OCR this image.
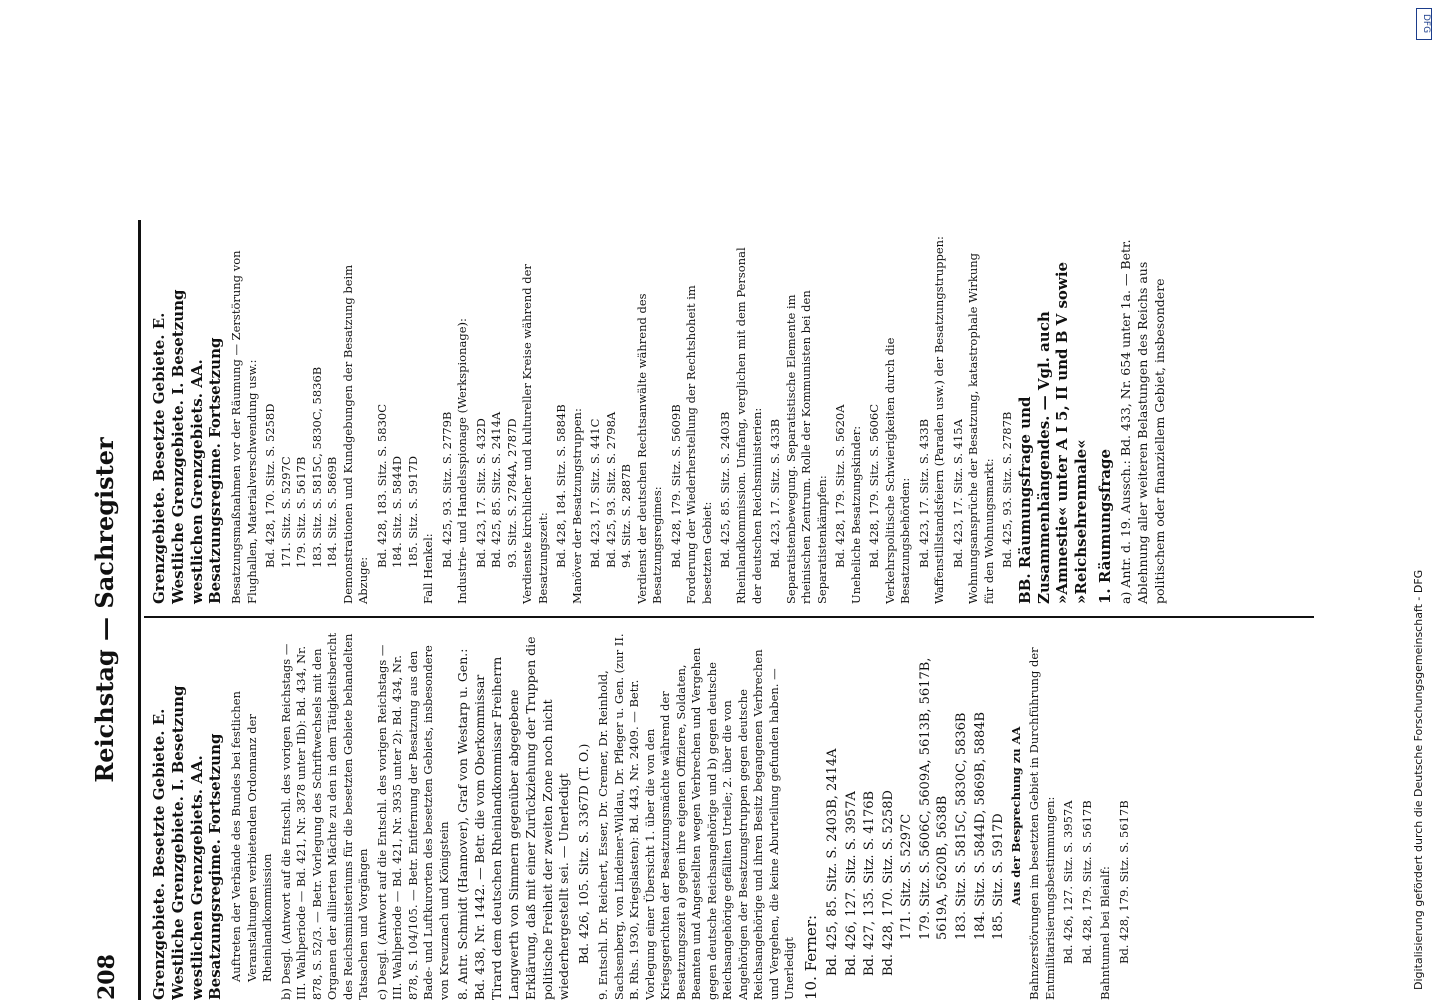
208
Reichstag — Sachregister
Grenzgebiete. Besetzte Gebiete. E. Westliche Grenzgebiete. I. Besetzung westlichen Grenzgebiets. AA. Besatzungsregime. Fortsetzung Auftreten der Verbände des Bundes bei festlichen Veranstaltungen verbietenden Ordonnanz der Rheinlandkommission b) Desgl. (Antwort auf die Entschl. des vorigen Reichstags — III. Wahlperiode — Bd. 421, Nr. 3878 unter IIb): Bd. 434, Nr. 878, S. 52/3. — Betr. Vorlegung des Schriftwechsels mit den Organen der alliierten Mächte zu den in dem Tätigkeitsbericht des Reichsministeriums für die besetzten Gebiete behandelten Tatsachen und Vorgängen c) Desgl. (Antwort auf die Entschl. des vorigen Reichstags — III. Wahlperiode — Bd. 421, Nr. 3935 unter 2): Bd. 434, Nr. 878, S. 104/105. — Betr. Entfernung der Besatzung aus den Bade- und Luftkurorten des besetzten Gebiets, insbesondere von Kreuznach und Königstein 8. Antr. Schmidt (Hannover), Graf von Westarp u. Gen.: Bd. 438, Nr. 1442. — Betr. die vom Oberkommissar Tirard dem deutschen Rheinlandkommissar Freiherrn Langwerth von Simmern gegenüber abgegebene Erklärung, daß mit einer Zurückziehung der Truppen die politische Freiheit der zweiten Zone noch nicht wiederhergestellt sei. — Unerledigt Bd. 426, 105. Sitz. S. 3367D (T. O.) 9. Entschl. Dr. Reichert, Esser, Dr. Cremer, Dr. Reinhold, Sachsenberg, von Lindeiner-Wildau, Dr. Pfleger u. Gen. (zur II. B. Rhs. 1930, Kriegslasten): Bd. 443, Nr. 2409. — Betr. Vorlegung einer Übersicht 1. über die von den Kriegsgerichten der Besatzungsmächte während der Besatzungszeit a) gegen ihre eigenen Offiziere, Soldaten, Beamten und Angestellten wegen Verbrechen und Vergehen gegen deutsche Reichsangehörige und b) gegen deutsche Reichsangehörige gefällten Urteile; 2. über die von Angehörigen der Besatzungstruppen gegen deutsche Reichsangehörige und ihren Besitz begangenen Verbrechen und Vergehen, die keine Aburteilung gefunden haben. — Unerledigt 10. Ferner: Bd. 425, 85. Sitz. S. 2403B, 2414A Bd. 426, 127. Sitz. S. 3957A Bd. 427, 135. Sitz. S. 4176B Bd. 428, 170. Sitz. S. 5258D 171. Sitz. S. 5297C 179. Sitz. S. 5606C, 5609A, 5613B, 5617B, 5619A, 5620B, 5638B 183. Sitz. S. 5815C, 5830C, 5836B 184. Sitz. S. 5844D, 5869B, 5884B 185. Sitz. S. 5917D Aus der Besprechung zu AA Bahnzerstörungen im besetzten Gebiet in Durchführung der Entmilitarisierungsbestimmungen: Bd. 426, 127. Sitz. S. 3957A Bd. 428, 179. Sitz. S. 5617B Bahntunnel bei Bleialf: Bd. 428, 179. Sitz. S. 5617B

Grenzgebiete. Besetzte Gebiete. E. Westliche Grenzgebiete. I. Besetzung westlichen Grenzgebiets. AA. Besatzungsregime. Fortsetzung Besatzungsmaßnahmen vor der Räumung — Zerstörung von Flughallen, Materialverschwendung usw.: Bd. 428, 170. Sitz. S. 5258D 171. Sitz. S. 5297C 179. Sitz. S. 5617B 183. Sitz. S. 5815C, 5830C, 5836B 184. Sitz. S. 5869B Demonstrationen und Kundgebungen der Besatzung beim Abzuge:

Bd. 428, 183. Sitz. S. 5830C 184. Sitz. S. 5844D 185. Sitz. S. 5917D

Fall Henkel:

Bd. 425, 93. Sitz. S. 2779B Industrie- und Handelsspionage (Werkspionage): Bd. 423, 17. Sitz. S. 432D Bd. 425, 85. Sitz. S. 2414A 93. Sitz. S. 2784A, 2787D Verdienste kirchlicher und kultureller Kreise während der Besatzungszeit: Bd. 428, 184. Sitz. S. 5884B Manöver der Besatzungstruppen: Bd. 423, 17. Sitz. S. 441C Bd. 425, 93. Sitz. S. 2798A 94. Sitz. S. 2887B Verdienst der deutschen Rechtsanwälte während des Besatzungsregimes: Bd. 428, 179. Sitz. S. 5609B Forderung der Wiederherstellung der Rechtshoheit im besetzten Gebiet: Bd. 425, 85. Sitz. S. 2403B Rheinlandkommission. Umfang, verglichen mit dem Personal der deutschen Reichsministerien: Bd. 423, 17. Sitz. S. 433B Separatistenbewegung. Separatistische Elemente im rheinischen Zentrum. Rolle der Kommunisten bei den Separatistenkämpfen: Bd. 428, 179. Sitz. S. 5620A Uneheliche Besatzungskinder: Bd. 428, 179. Sitz. S. 5606C Verkehrspolitische Schwierigkeiten durch die Besatzungsbehörden: Bd. 423, 17. Sitz. S. 433B Waffenstillstandsfeiern (Paraden usw.) der Besatzungstruppen: Bd. 423, 17. Sitz. S. 415A Wohnungsansprüche der Besatzung, katastrophale Wirkung für den Wohnungsmarkt: Bd. 425, 93. Sitz. S. 2787B BB. Räumungsfrage und Zusammenhängendes. — Vgl. auch »Amnestie« unter A I 5, II und B V sowie »Reichsehrenmale« 1. Räumungsfrage a) Antr. d. 19. Aussch.: Bd. 433, Nr. 654 unter 1a. — Betr. Ablehnung aller weiteren Belastungen des Reichs aus politischem oder finanziellem Gebiet, insbesondere

DFG
Digitalisierung gefördert durch die Deutsche Forschungsgemeinschaft - DFG
